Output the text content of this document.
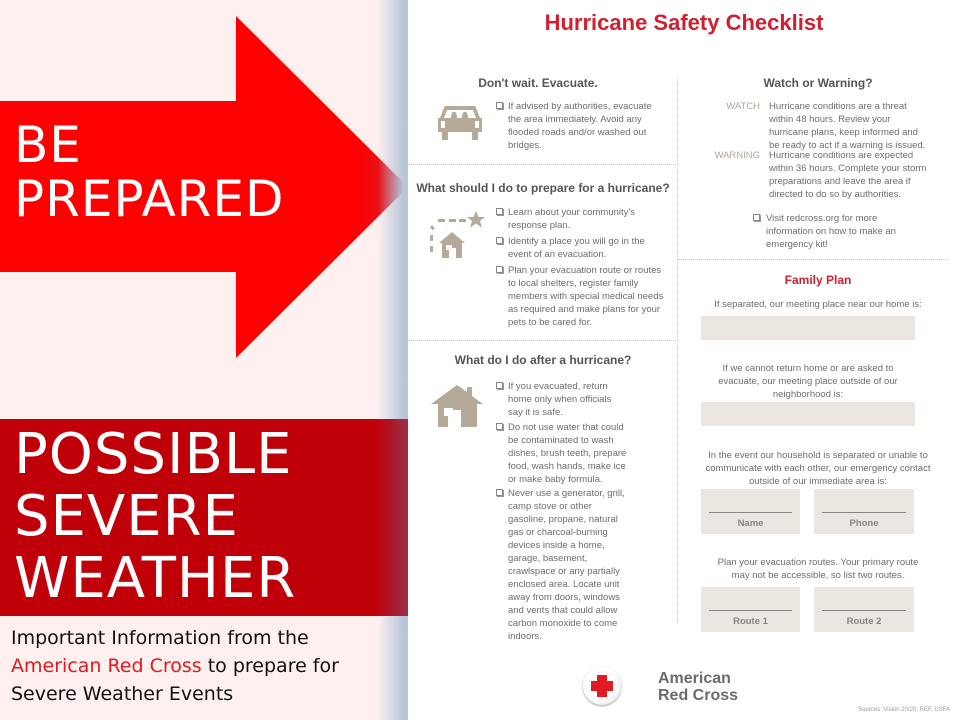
BE
PREPARED
POSSIBLE
SEVERE
WEATHER
Important Information from the
American Red Cross to prepare for
Severe Weather Events
Hurricane Safety Checklist
Don't wait. Evacuate.
If advised by authorities, evacuate the area immediately. Avoid any flooded roads and/or washed out bridges.
What should I do to prepare for a hurricane?
Learn about your community's response plan.
Identify a place you will go in the event of an evacuation.
Plan your evacuation route or routes to local shelters, register family members with special medical needs as required and make plans for your pets to be cared for.
What do I do after a hurricane?
If you evacuated, return home only when officials say it is safe.
Do not use water that could be contaminated to wash dishes, brush teeth, prepare food, wash hands, make ice or make baby formula.
Never use a generator, grill, camp stove or other gasoline, propane, natural gas or charcoal-burning devices inside a home, garage, basement, crawlspace or any partially enclosed area. Locate unit away from doors, windows and vents that could allow carbon monoxide to come indoors.
Watch or Warning?
WATCH Hurricane conditions are a threat within 48 hours. Review your hurricane plans, keep informed and be ready to act if a warning is issued.
WARNING Hurricane conditions are expected within 36 hours. Complete your storm preparations and leave the area if directed to do so by authorities.
Visit redcross.org for more information on how to make an emergency kit!
Family Plan
If separated, our meeting place near our home is:
If we cannot return home or are asked to evacuate, our meeting place outside of our neighborhood is:
In the event our household is separated or unable to communicate with each other, our emergency contact outside of our immediate area is:
Name	Phone
Plan your evacuation routes. Your primary route may not be accessible, so list two routes.
Route 1	Route 2
American
Red Cross
Sources: Vision 20/20, REF, USFA
